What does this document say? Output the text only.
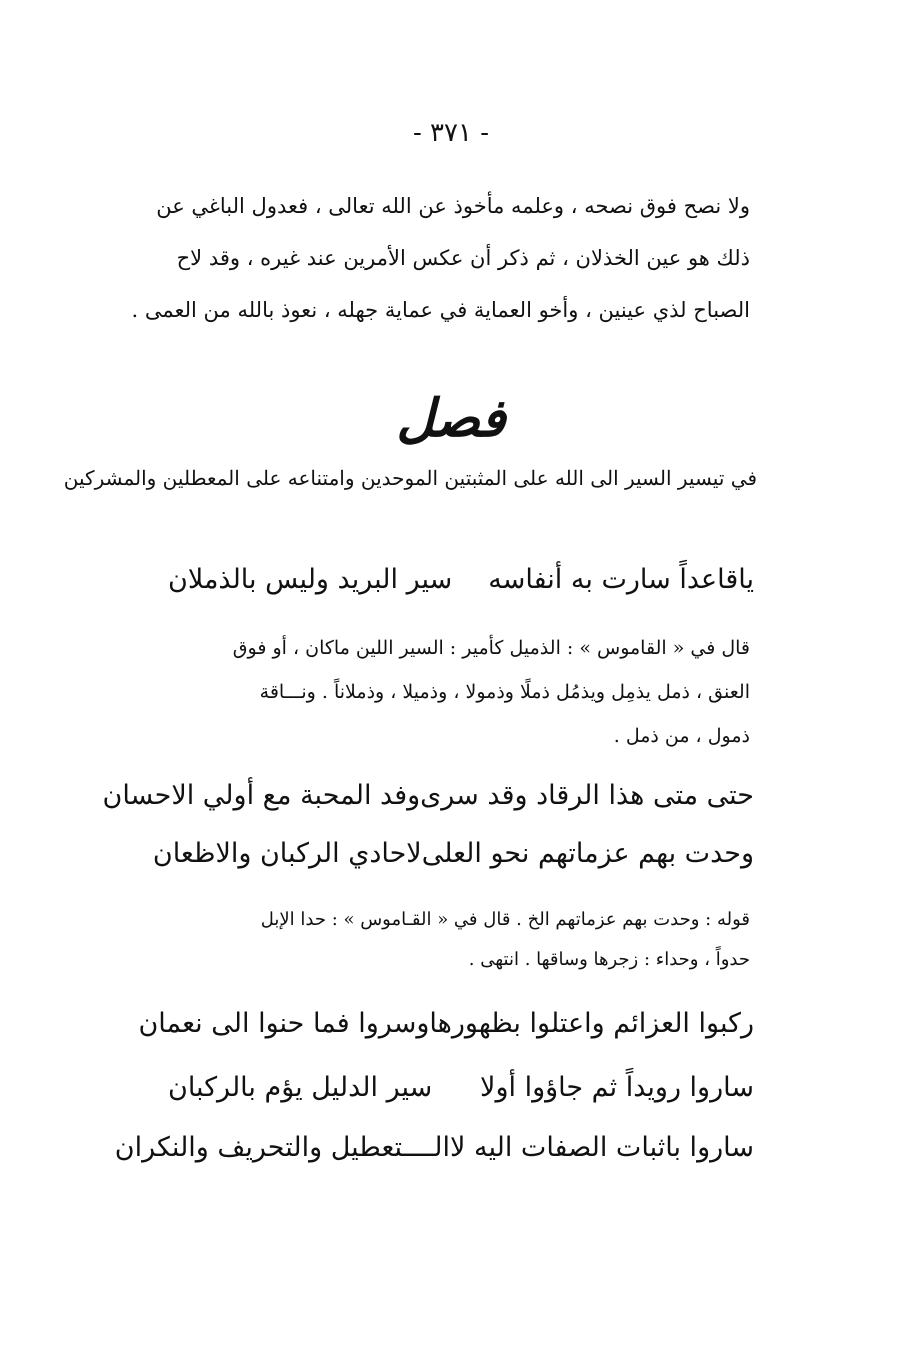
- ٣٧١ -

ولا نصح فوق نصحه ، وعلمه مأخوذ عن الله تعالى ، فعدول الباغي عن

ذلك هو عين الخذلان ، ثم ذكر أن عكس الأمرين عند غيره ، وقد لاح

الصباح لذي عينين ، وأخو العماية في عماية جهله ، نعوذ بالله من العمى .

فصل
في تيسير السير الى الله على المثبتين الموحدين وامتناعه على المعطلين والمشركين
ياقاعداً سارت به أنفاسه
سير البريد وليس بالذملان

قال في « القاموس » : الذميل كأمير : السير اللين ماكان ، أو فوق

العنق ، ذمل يذمِل ويذمُل ذملًا وذمولا ، وذميلا ، وذملاناً . ونـــاقة

ذمول ، من ذمل .

حتى متى هذا الرقاد وقد سرى
وفد المحبة مع أولي الاحسان
وحدت بهم عزماتهم نحو العلى
لاحادي الركبان والاظعان

قوله : وحدت بهم عزماتهم الخ . قال في « القـاموس » : حدا الإبل

حدواً ، وحداء : زجرها وساقها . انتهى .

ركبوا العزائم واعتلوا بظهورها
وسروا فما حنوا الى نعمان
ساروا رويداً ثم جاؤوا أولا
سير الدليل يؤم بالركبان
ساروا باثبات الصفات اليه لاالـــ
ـتعطيل والتحريف والنكران
